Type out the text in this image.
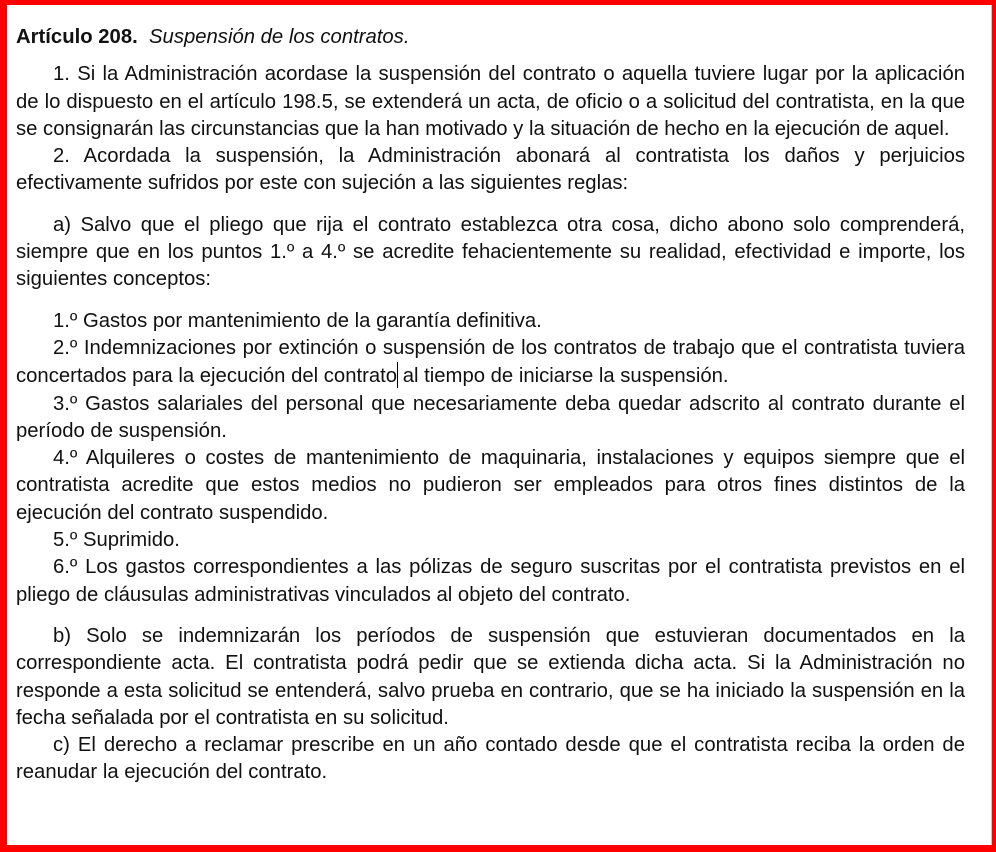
Artículo 208. Suspensión de los contratos.

1. Si la Administración acordase la suspensión del contrato o aquella tuviere lugar por la aplicación de lo dispuesto en el artículo 198.5, se extenderá un acta, de oficio o a solicitud del contratista, en la que se consignarán las circunstancias que la han motivado y la situación de hecho en la ejecución de aquel.

2. Acordada la suspensión, la Administración abonará al contratista los daños y perjuicios efectivamente sufridos por este con sujeción a las siguientes reglas:

a) Salvo que el pliego que rija el contrato establezca otra cosa, dicho abono solo comprenderá, siempre que en los puntos 1.º a 4.º se acredite fehacientemente su realidad, efectividad e importe, los siguientes conceptos:

1.º Gastos por mantenimiento de la garantía definitiva.

2.º Indemnizaciones por extinción o suspensión de los contratos de trabajo que el contratista tuviera concertados para la ejecución del contrato al tiempo de iniciarse la suspensión.

3.º Gastos salariales del personal que necesariamente deba quedar adscrito al contrato durante el período de suspensión.

4.º Alquileres o costes de mantenimiento de maquinaria, instalaciones y equipos siempre que el contratista acredite que estos medios no pudieron ser empleados para otros fines distintos de la ejecución del contrato suspendido.

5.º Suprimido.

6.º Los gastos correspondientes a las pólizas de seguro suscritas por el contratista previstos en el pliego de cláusulas administrativas vinculados al objeto del contrato.

b) Solo se indemnizarán los períodos de suspensión que estuvieran documentados en la correspondiente acta. El contratista podrá pedir que se extienda dicha acta. Si la Administración no responde a esta solicitud se entenderá, salvo prueba en contrario, que se ha iniciado la suspensión en la fecha señalada por el contratista en su solicitud.

c) El derecho a reclamar prescribe en un año contado desde que el contratista reciba la orden de reanudar la ejecución del contrato.
